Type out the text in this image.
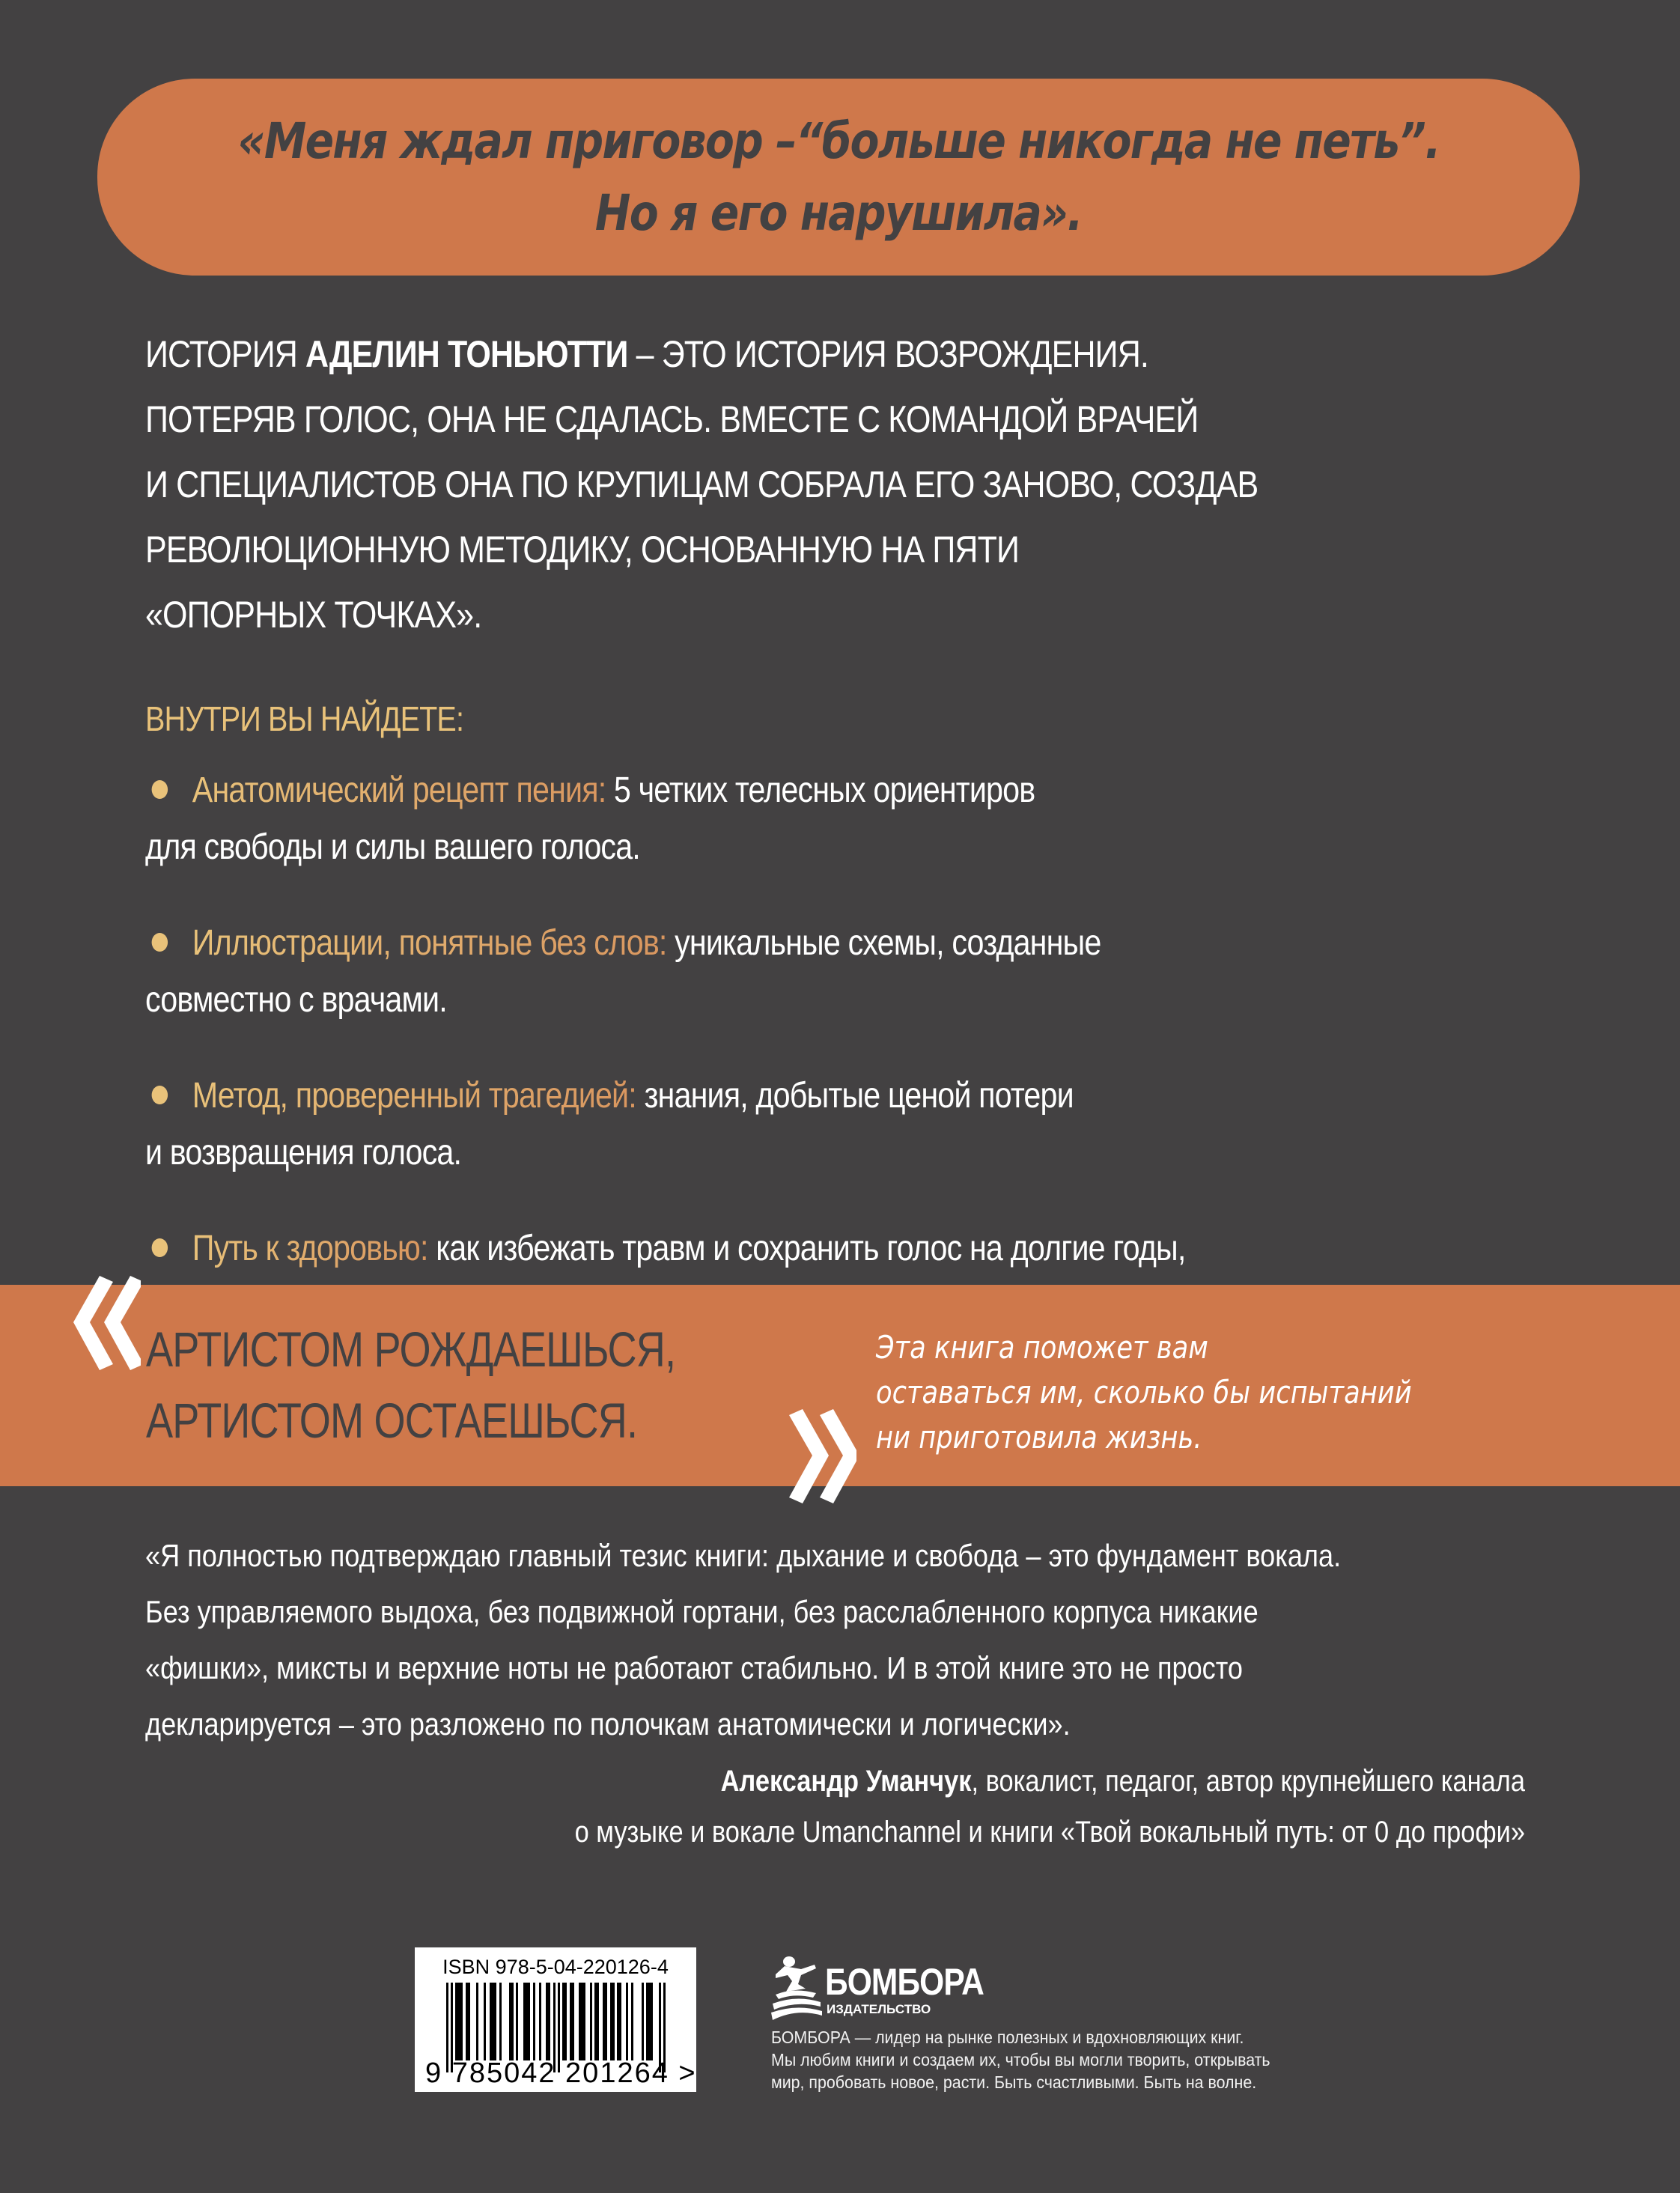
«Меня ждал приговор –“больше никогда не петь”.
Но я его нарушила».
ИСТОРИЯ АДЕЛИН ТОНЬЮТТИ – ЭТО ИСТОРИЯ ВОЗРОЖДЕНИЯ.
ПОТЕРЯВ ГОЛОС, ОНА НЕ СДАЛАСЬ. ВМЕСТЕ С КОМАНДОЙ ВРАЧЕЙ
И СПЕЦИАЛИСТОВ ОНА ПО КРУПИЦАМ СОБРАЛА ЕГО ЗАНОВО, СОЗДАВ
РЕВОЛЮЦИОННУЮ МЕТОДИКУ, ОСНОВАННУЮ НА ПЯТИ
«ОПОРНЫХ ТОЧКАХ».
ВНУТРИ ВЫ НАЙДЕТЕ:
Анатомический рецепт пения: 5 четких телесных ориентиров
для свободы и силы вашего голоса.
Иллюстрации, понятные без слов: уникальные схемы, созданные
совместно с врачами.
Метод, проверенный трагедией: знания, добытые ценой потери
и возвращения голоса.
Путь к здоровью: как избежать травм и сохранить голос на долгие годы,
АРТИСТОМ РОЖДАЕШЬСЯ,
АРТИСТОМ ОСТАЕШЬСЯ.
Эта книга поможет вам
оставаться им, сколько бы испытаний
ни приготовила жизнь.
«Я полностью подтверждаю главный тезис книги: дыхание и свобода – это фундамент вокала.
Без управляемого выдоха, без подвижной гортани, без расслабленного корпуса никакие
«фишки», миксты и верхние ноты не работают стабильно. И в этой книге это не просто
декларируется – это разложено по полочкам анатомически и логически».
Александр Уманчук, вокалист, педагог, автор крупнейшего канала
о музыке и вокале Umanchannel и книги «Твой вокальный путь: от 0 до профи»
ISBN 978-5-04-220126-4
9 785042 201264 >
БОМБОРА
ИЗДАТЕЛЬСТВО
БОМБОРА — лидер на рынке полезных и вдохновляющих книг.
Мы любим книги и создаем их, чтобы вы могли творить, открывать
мир, пробовать новое, расти. Быть счастливыми. Быть на волне.
